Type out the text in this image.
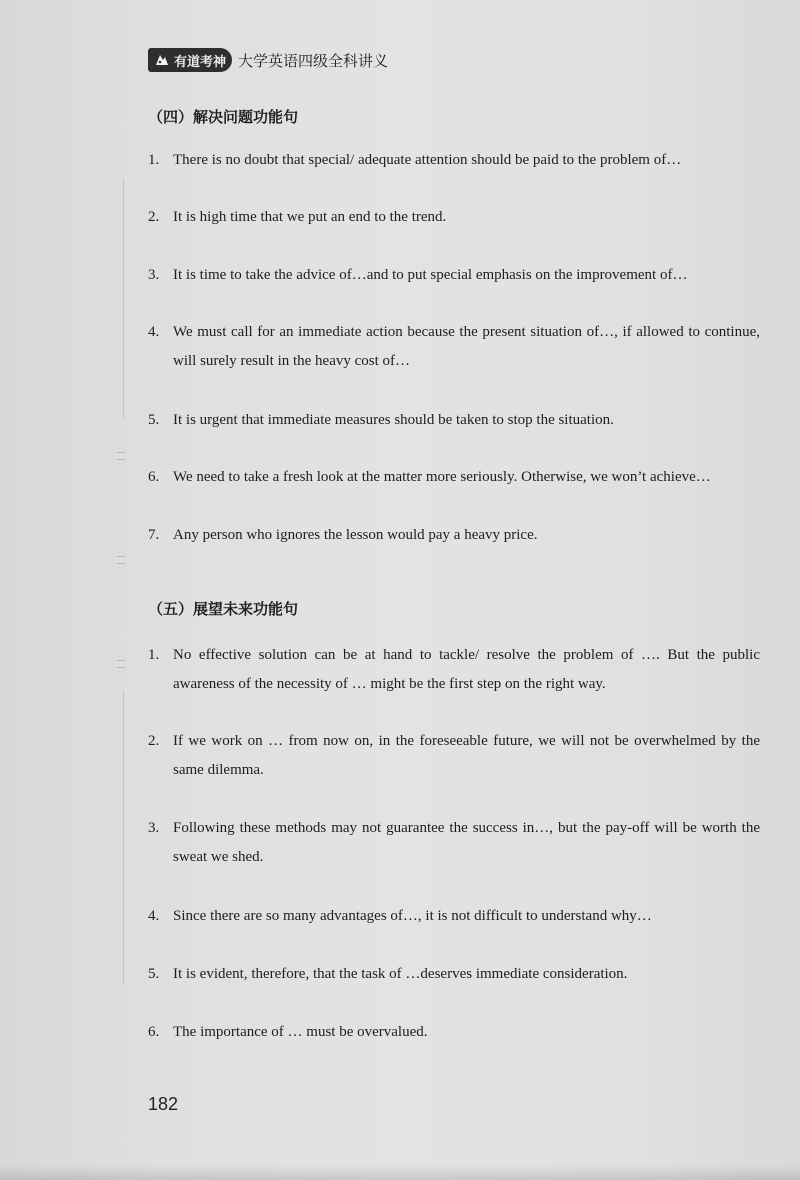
有道考神 大学英语四级全科讲义
（四）解决问题功能句
1. There is no doubt that special/ adequate attention should be paid to the problem of…
2. It is high time that we put an end to the trend.
3. It is time to take the advice of…and to put special emphasis on the improvement of…
4. We must call for an immediate action because the present situation of…, if allowed to continue, will surely result in the heavy cost of…
5. It is urgent that immediate measures should be taken to stop the situation.
6. We need to take a fresh look at the matter more seriously. Otherwise, we won’t achieve…
7. Any person who ignores the lesson would pay a heavy price.
（五）展望未来功能句
1. No effective solution can be at hand to tackle/ resolve the problem of …. But the public awareness of the necessity of … might be the first step on the right way.
2. If we work on … from now on, in the foreseeable future, we will not be overwhelmed by the same dilemma.
3. Following these methods may not guarantee the success in…, but the pay-off will be worth the sweat we shed.
4. Since there are so many advantages of…, it is not difficult to understand why…
5. It is evident, therefore, that the task of …deserves immediate consideration.
6. The importance of … must be overvalued.
182
